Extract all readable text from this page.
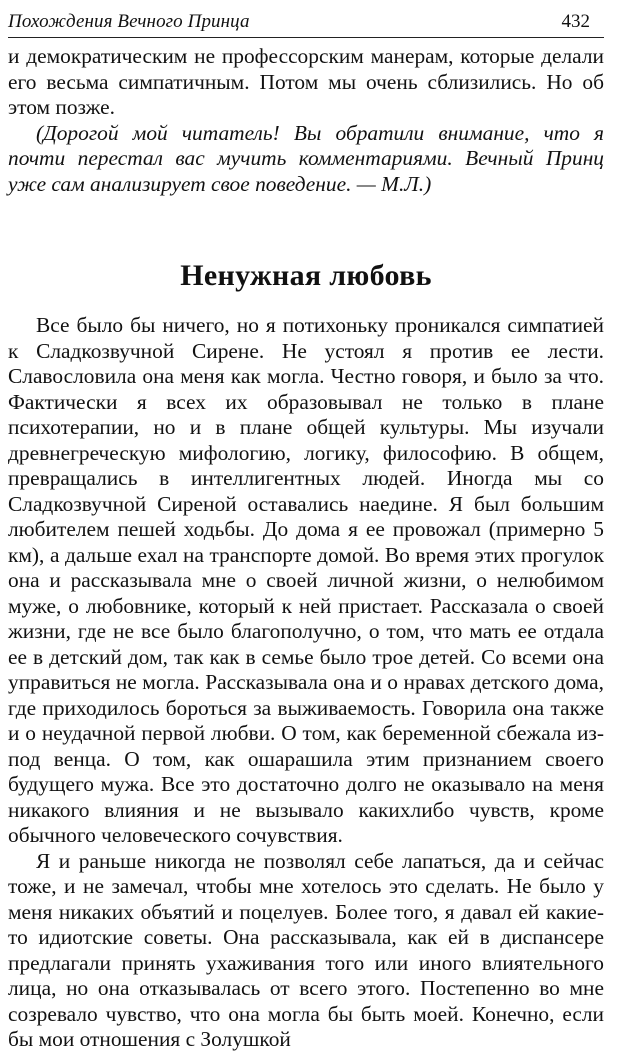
Похождения Вечного Принца	432

и демократическим не профессорским манерам, которые делали его весьма симпатичным. Потом мы очень сблизились. Но об этом позже.

(Дорогой мой читатель! Вы обратили внимание, что я почти перестал вас мучить комментариями. Вечный Принц уже сам анализирует свое поведение. — М.Л.)

Ненужная любовь

Все было бы ничего, но я потихоньку проникался симпатией к Сладкозвучной Сирене. Не устоял я против ее лести. Славословила она меня как могла. Честно говоря, и было за что. Фактически я всех их образовывал не только в плане психотерапии, но и в плане общей культуры. Мы изучали древнегреческую мифологию, логику, философию. В общем, превращались в интеллигентных людей. Иногда мы со Сладкозвучной Сиреной оставались наедине. Я был большим любителем пешей ходьбы. До дома я ее провожал (примерно 5 км), а дальше ехал на транспорте домой. Во время этих прогулок она и рассказывала мне о своей личной жизни, о нелюбимом муже, о любовнике, который к ней пристает. Рассказала о своей жизни, где не все было благополучно, о том, что мать ее отдала ее в детский дом, так как в семье было трое детей. Со всеми она управиться не могла. Рассказывала она и о нравах детского дома, где приходилось бороться за выживаемость. Говорила она также и о неудачной первой любви. О том, как беременной сбежала из-под венца. О том, как ошарашила этим признанием своего будущего мужа. Все это достаточно долго не оказывало на меня никакого влияния и не вызывало какихлибо чувств, кроме обычного человеческого сочувствия.

Я и раньше никогда не позволял себе лапаться, да и сейчас тоже, и не замечал, чтобы мне хотелось это сделать. Не было у меня никаких объятий и поцелуев. Более того, я давал ей какие-то идиотские советы. Она рассказывала, как ей в диспансере предлагали принять ухаживания того или иного влиятельного лица, но она отказывалась от всего этого. Постепенно во мне созревало чувство, что она могла бы быть моей. Конечно, если бы мои отношения с Золушкой
